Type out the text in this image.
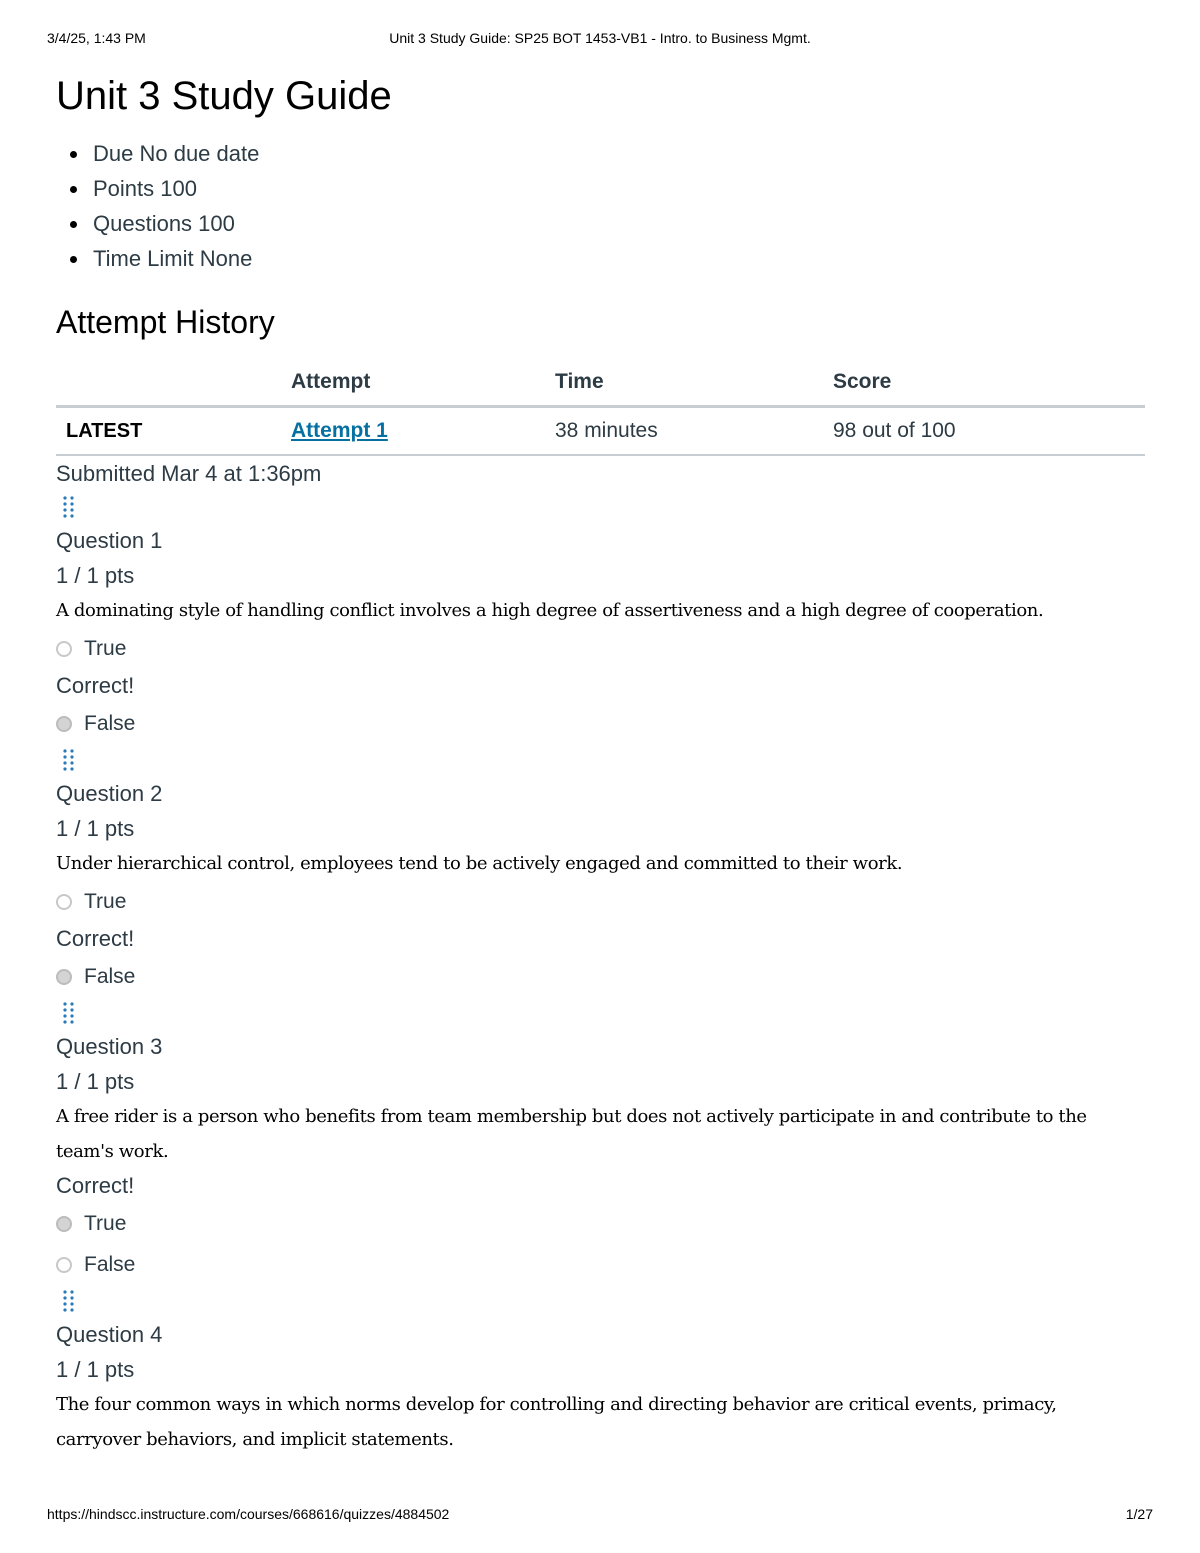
3/4/25, 1:43 PM	Unit 3 Study Guide: SP25 BOT 1453-VB1 - Intro. to Business Mgmt.
Unit 3 Study Guide
Due No due date
Points 100
Questions 100
Time Limit None
Attempt History
	Attempt	Time	Score
LATEST	Attempt 1	38 minutes	98 out of 100
Submitted Mar 4 at 1:36pm
Question 1
1 / 1 pts

A dominating style of handling conflict involves a high degree of assertiveness and a high degree of cooperation.

True
Correct!
False
Question 2
1 / 1 pts

Under hierarchical control, employees tend to be actively engaged and committed to their work.

True
Correct!
False
Question 3
1 / 1 pts

A free rider is a person who benefits from team membership but does not actively participate in and contribute to the team's work.

Correct!
True
False
Question 4
1 / 1 pts

The four common ways in which norms develop for controlling and directing behavior are critical events, primacy, carryover behaviors, and implicit statements.

https://hindscc.instructure.com/courses/668616/quizzes/4884502	1/27
